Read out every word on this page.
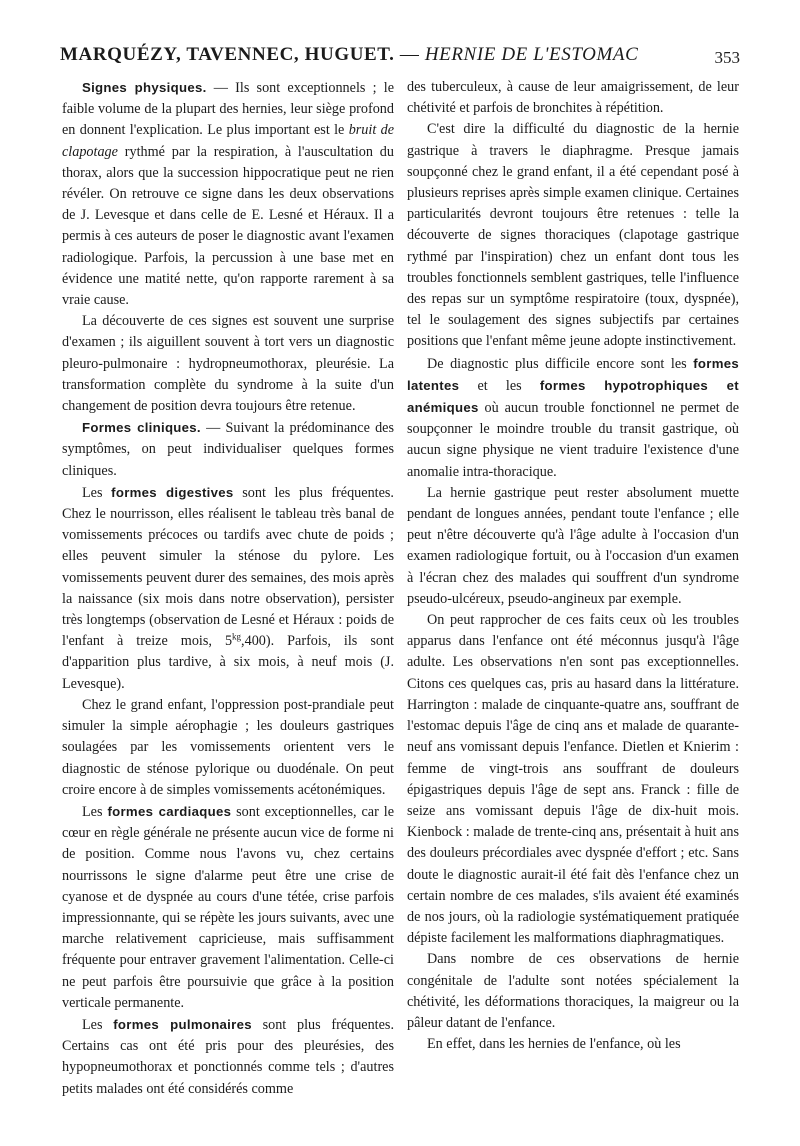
MARQUÉZY, TAVENNEC, HUGUET. — HERNIE DE L'ESTOMAC	353

Signes physiques. — Ils sont exceptionnels ; le faible volume de la plupart des hernies, leur siège profond en donnent l'explication. Le plus important est le bruit de clapotage rythmé par la respiration, à l'auscultation du thorax, alors que la succession hippocratique peut ne rien révéler. On retrouve ce signe dans les deux observations de J. Levesque et dans celle de E. Lesné et Héraux. Il a permis à ces auteurs de poser le diagnostic avant l'examen radiologique. Parfois, la percussion à une base met en évidence une matité nette, qu'on rapporte rarement à sa vraie cause.

La découverte de ces signes est souvent une surprise d'examen ; ils aiguillent souvent à tort vers un diagnostic pleuro-pulmonaire : hydropneumothorax, pleurésie. La transformation complète du syndrome à la suite d'un changement de position devra toujours être retenue.

Formes cliniques. — Suivant la prédominance des symptômes, on peut individualiser quelques formes cliniques.

Les formes digestives sont les plus fréquentes. Chez le nourrisson, elles réalisent le tableau très banal de vomissements précoces ou tardifs avec chute de poids ; elles peuvent simuler la sténose du pylore. Les vomissements peuvent durer des semaines, des mois après la naissance (six mois dans notre observation), persister très longtemps (observation de Lesné et Héraux : poids de l'enfant à treize mois, $5^{kg},400$). Parfois, ils sont d'apparition plus tardive, à six mois, à neuf mois (J. Levesque).

Chez le grand enfant, l'oppression post-prandiale peut simuler la simple aérophagie ; les douleurs gastriques soulagées par les vomissements orientent vers le diagnostic de sténose pylorique ou duodénale. On peut croire encore à de simples vomissements acétonémiques.

Les formes cardiaques sont exceptionnelles, car le cœur en règle générale ne présente aucun vice de forme ni de position. Comme nous l'avons vu, chez certains nourrissons le signe d'alarme peut être une crise de cyanose et de dyspnée au cours d'une tétée, crise parfois impressionnante, qui se répète les jours suivants, avec une marche relativement capricieuse, mais suffisamment fréquente pour entraver gravement l'alimentation. Celle-ci ne peut parfois être poursuivie que grâce à la position verticale permanente.

Les formes pulmonaires sont plus fréquentes. Certains cas ont été pris pour des pleurésies, des hypopneumothorax et ponctionnés comme tels ; d'autres petits malades ont été considérés comme

des tuberculeux, à cause de leur amaigrissement, de leur chétivité et parfois de bronchites à répétition.

C'est dire la difficulté du diagnostic de la hernie gastrique à travers le diaphragme. Presque jamais soupçonné chez le grand enfant, il a été cependant posé à plusieurs reprises après simple examen clinique. Certaines particularités devront toujours être retenues : telle la découverte de signes thoraciques (clapotage gastrique rythmé par l'inspiration) chez un enfant dont tous les troubles fonctionnels semblent gastriques, telle l'influence des repas sur un symptôme respiratoire (toux, dyspnée), tel le soulagement des signes subjectifs par certaines positions que l'enfant même jeune adopte instinctivement.

De diagnostic plus difficile encore sont les formes latentes et les formes hypotrophiques et anémiques où aucun trouble fonctionnel ne permet de soupçonner le moindre trouble du transit gastrique, où aucun signe physique ne vient traduire l'existence d'une anomalie intra-thoracique.

La hernie gastrique peut rester absolument muette pendant de longues années, pendant toute l'enfance ; elle peut n'être découverte qu'à l'âge adulte à l'occasion d'un examen radiologique fortuit, ou à l'occasion d'un examen à l'écran chez des malades qui souffrent d'un syndrome pseudo-ulcéreux, pseudo-angineux par exemple.

On peut rapprocher de ces faits ceux où les troubles apparus dans l'enfance ont été méconnus jusqu'à l'âge adulte. Les observations n'en sont pas exceptionnelles. Citons ces quelques cas, pris au hasard dans la littérature. Harrington : malade de cinquante-quatre ans, souffrant de l'estomac depuis l'âge de cinq ans et malade de quarante-neuf ans vomissant depuis l'enfance. Dietlen et Knierim : femme de vingt-trois ans souffrant de douleurs épigastriques depuis l'âge de sept ans. Franck : fille de seize ans vomissant depuis l'âge de dix-huit mois. Kienbock : malade de trente-cinq ans, présentait à huit ans des douleurs précordiales avec dyspnée d'effort ; etc. Sans doute le diagnostic aurait-il été fait dès l'enfance chez un certain nombre de ces malades, s'ils avaient été examinés de nos jours, où la radiologie systématiquement pratiquée dépiste facilement les malformations diaphragmatiques.

Dans nombre de ces observations de hernie congénitale de l'adulte sont notées spécialement la chétivité, les déformations thoraciques, la maigreur ou la pâleur datant de l'enfance.

En effet, dans les hernies de l'enfance, où les
